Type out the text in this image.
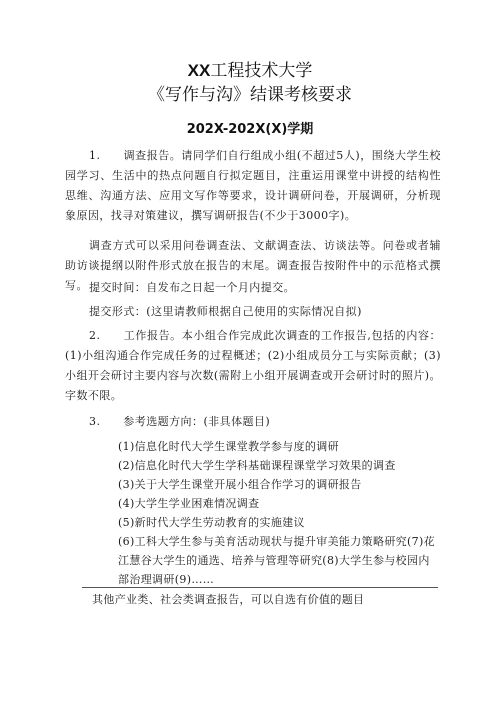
XX工程技术大学
《写作与沟》结课考核要求
202X-202X(X)学期
1.　　调查报告。请同学们自行组成小组(不超过5人)，围绕大学生校园学习、生活中的热点问题自行拟定题目，注重运用课堂中讲授的结构性思维、沟通方法、应用文写作等要求，设计调研问卷，开展调研，分析现象原因，找寻对策建议，撰写调研报告(不少于3000字)。
调查方式可以采用问卷调查法、文献调查法、访谈法等。问卷或者辅助访谈提纲以附件形式放在报告的末尾。调查报告按附件中的示范格式撰写。 提交时间：自发布之日起一个月内提交。
提交形式：(这里请教师根据自己使用的实际情况自拟)
2.　　工作报告。本小组合作完成此次调查的工作报告,包括的内容：(1)小组沟通合作完成任务的过程概述；(2)小组成员分工与实际贡献；(3)小组开会研讨主要内容与次数(需附上小组开展调查或开会研讨时的照片)。字数不限。
3.　　参考选题方向：(非具体题目)
(1)信息化时代大学生课堂教学参与度的调研
(2)信息化时代大学生学科基础课程课堂学习效果的调查
(3)关于大学生课堂开展小组合作学习的调研报告
(4)大学生学业困难情况调查
(5)新时代大学生劳动教育的实施建议
(6)工科大学生参与美育活动现状与提升审美能力策略研究(7)花江慧谷大学生的通选、培养与管理等研究(8)大学生参与校园内部治理调研(9)……
其他产业类、社会类调查报告，可以自选有价值的题目
